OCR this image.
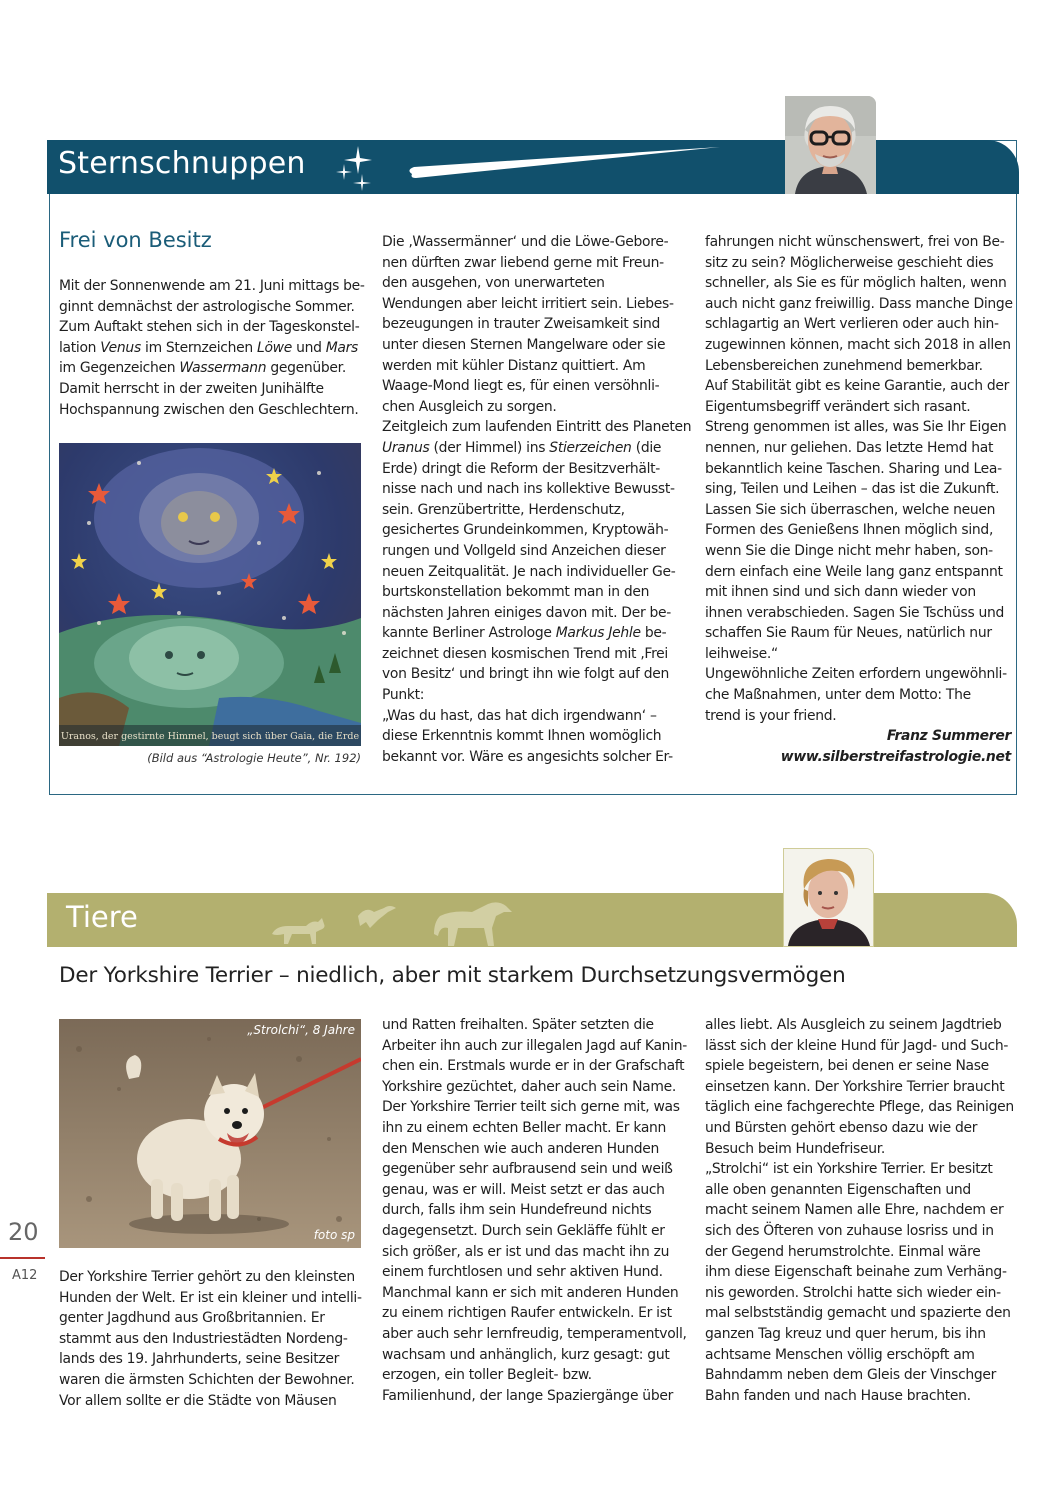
Sternschnuppen
Frei von Besitz
Mit der Sonnenwende am 21. Juni mittags be-
ginnt demnächst der astrologische Sommer.
Zum Auftakt stehen sich in der Tageskonstel-
lation Venus im Sternzeichen Löwe und Mars
im Gegenzeichen Wassermann gegenüber.
Damit herrscht in der zweiten Junihälfte
Hochspannung zwischen den Geschlechtern.
Uranos, der gestirnte Himmel, beugt sich über Gaia, die Erde
(Bild aus “Astrologie Heute”, Nr. 192)
Die ‚Wassermänner‘ und die Löwe-Gebore-
nen dürften zwar liebend gerne mit Freun-
den ausgehen, von unerwarteten
Wendungen aber leicht irritiert sein. Liebes-
bezeugungen in trauter Zweisamkeit sind
unter diesen Sternen Mangelware oder sie
werden mit kühler Distanz quittiert. Am
Waage-Mond liegt es, für einen versöhnli-
chen Ausgleich zu sorgen.
Zeitgleich zum laufenden Eintritt des Planeten
Uranus (der Himmel) ins Stierzeichen (die
Erde) dringt die Reform der Besitzverhält-
nisse nach und nach ins kollektive Bewusst-
sein. Grenzübertritte, Herdenschutz,
gesichertes Grundeinkommen, Kryptowäh-
rungen und Vollgeld sind Anzeichen dieser
neuen Zeitqualität. Je nach individueller Ge-
burtskonstellation bekommt man in den
nächsten Jahren einiges davon mit. Der be-
kannte Berliner Astrologe Markus Jehle be-
zeichnet diesen kosmischen Trend mit ‚Frei
von Besitz‘ und bringt ihn wie folgt auf den
Punkt:
„Was du hast, das hat dich irgendwann‘ –
diese Erkenntnis kommt Ihnen womöglich
bekannt vor. Wäre es angesichts solcher Er-
fahrungen nicht wünschenswert, frei von Be-
sitz zu sein? Möglicherweise geschieht dies
schneller, als Sie es für möglich halten, wenn
auch nicht ganz freiwillig. Dass manche Dinge
schlagartig an Wert verlieren oder auch hin-
zugewinnen können, macht sich 2018 in allen
Lebensbereichen zunehmend bemerkbar.
Auf Stabilität gibt es keine Garantie, auch der
Eigentumsbegriff verändert sich rasant.
Streng genommen ist alles, was Sie Ihr Eigen
nennen, nur geliehen. Das letzte Hemd hat
bekanntlich keine Taschen. Sharing und Lea-
sing, Teilen und Leihen – das ist die Zukunft.
Lassen Sie sich überraschen, welche neuen
Formen des Genießens Ihnen möglich sind,
wenn Sie die Dinge nicht mehr haben, son-
dern einfach eine Weile lang ganz entspannt
mit ihnen sind und sich dann wieder von
ihnen verabschieden. Sagen Sie Tschüss und
schaffen Sie Raum für Neues, natürlich nur
leihweise.“
Ungewöhnliche Zeiten erfordern ungewöhnli-
che Maßnahmen, unter dem Motto: The
trend is your friend.
Franz Summerer
www.silberstreifastrologie.net
Tiere
Der Yorkshire Terrier – niedlich, aber mit starkem Durchsetzungsvermögen
„Strolchi“, 8 Jahre
foto sp
Der Yorkshire Terrier gehört zu den kleinsten
Hunden der Welt. Er ist ein kleiner und intelli-
genter Jagdhund aus Großbritannien. Er
stammt aus den Industriestädten Nordeng-
lands des 19. Jahrhunderts, seine Besitzer
waren die ärmsten Schichten der Bewohner.
Vor allem sollte er die Städte von Mäusen
und Ratten freihalten. Später setzten die
Arbeiter ihn auch zur illegalen Jagd auf Kanin-
chen ein. Erstmals wurde er in der Grafschaft
Yorkshire gezüchtet, daher auch sein Name.
Der Yorkshire Terrier teilt sich gerne mit, was
ihn zu einem echten Beller macht. Er kann
den Menschen wie auch anderen Hunden
gegenüber sehr aufbrausend sein und weiß
genau, was er will. Meist setzt er das auch
durch, falls ihm sein Hundefreund nichts
dagegensetzt. Durch sein Gekläffe fühlt er
sich größer, als er ist und das macht ihn zu
einem furchtlosen und sehr aktiven Hund.
Manchmal kann er sich mit anderen Hunden
zu einem richtigen Raufer entwickeln. Er ist
aber auch sehr lernfreudig, temperamentvoll,
wachsam und anhänglich, kurz gesagt: gut
erzogen, ein toller Begleit- bzw.
Familienhund, der lange Spaziergänge über
alles liebt. Als Ausgleich zu seinem Jagdtrieb
lässt sich der kleine Hund für Jagd- und Such-
spiele begeistern, bei denen er seine Nase
einsetzen kann. Der Yorkshire Terrier braucht
täglich eine fachgerechte Pflege, das Reinigen
und Bürsten gehört ebenso dazu wie der
Besuch beim Hundefriseur.
„Strolchi“ ist ein Yorkshire Terrier. Er besitzt
alle oben genannten Eigenschaften und
macht seinem Namen alle Ehre, nachdem er
sich des Öfteren von zuhause losriss und in
der Gegend herumstrolchte. Einmal wäre
ihm diese Eigenschaft beinahe zum Verhäng-
nis geworden. Strolchi hatte sich wieder ein-
mal selbstständig gemacht und spazierte den
ganzen Tag kreuz und quer herum, bis ihn
achtsame Menschen völlig erschöpft am
Bahndamm neben dem Gleis der Vinschger
Bahn fanden und nach Hause brachten.
20
A12
